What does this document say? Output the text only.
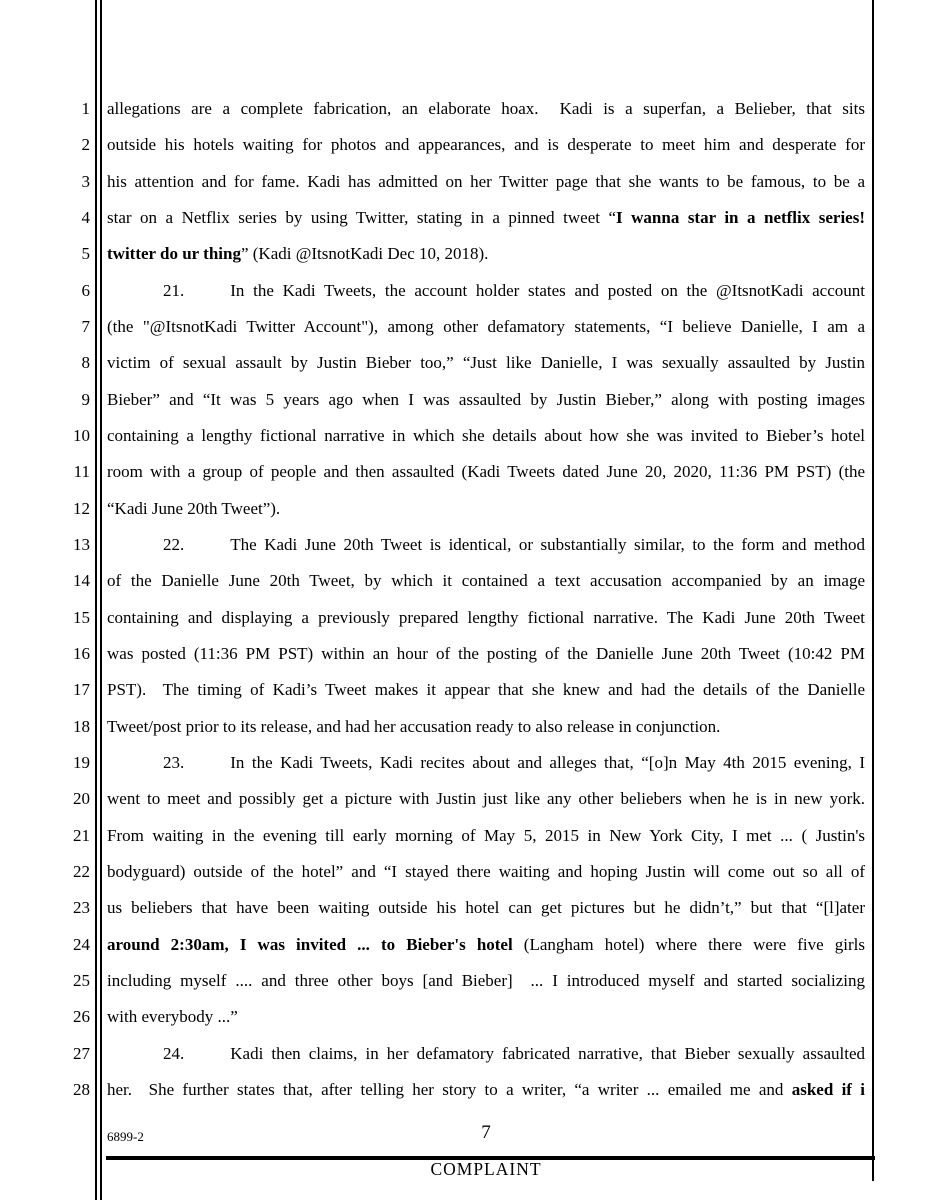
1 allegations are a complete fabrication, an elaborate hoax.  Kadi is a superfan, a Belieber, that sits
2 outside his hotels waiting for photos and appearances, and is desperate to meet him and desperate for
3 his attention and for fame. Kadi has admitted on her Twitter page that she wants to be famous, to be a
4 star on a Netflix series by using Twitter, stating in a pinned tweet “I wanna star in a netflix series!
5 twitter do ur thing” (Kadi @ItsnotKadi Dec 10, 2018).
6	21.	In the Kadi Tweets, the account holder states and posted on the @ItsnotKadi account
7 (the "@ItsnotKadi Twitter Account"), among other defamatory statements, “I believe Danielle, I am a
8 victim of sexual assault by Justin Bieber too,” “Just like Danielle, I was sexually assaulted by Justin
9 Bieber” and “It was 5 years ago when I was assaulted by Justin Bieber,” along with posting images
10 containing a lengthy fictional narrative in which she details about how she was invited to Bieber’s hotel
11 room with a group of people and then assaulted (Kadi Tweets dated June 20, 2020, 11:36 PM PST) (the
12 “Kadi June 20th Tweet”).
13	22.	The Kadi June 20th Tweet is identical, or substantially similar, to the form and method
14 of the Danielle June 20th Tweet, by which it contained a text accusation accompanied by an image
15 containing and displaying a previously prepared lengthy fictional narrative. The Kadi June 20th Tweet
16 was posted (11:36 PM PST) within an hour of the posting of the Danielle June 20th Tweet (10:42 PM
17 PST).  The timing of Kadi’s Tweet makes it appear that she knew and had the details of the Danielle
18 Tweet/post prior to its release, and had her accusation ready to also release in conjunction.
19	23.	In the Kadi Tweets, Kadi recites about and alleges that, “[o]n May 4th 2015 evening, I
20 went to meet and possibly get a picture with Justin just like any other beliebers when he is in new york.
21 From waiting in the evening till early morning of May 5, 2015 in New York City, I met ... ( Justin's
22 bodyguard) outside of the hotel” and “I stayed there waiting and hoping Justin will come out so all of
23 us beliebers that have been waiting outside his hotel can get pictures but he didn’t,” but that “[l]ater
24 around 2:30am, I was invited ... to Bieber's hotel (Langham hotel) where there were five girls
25 including myself .... and three other boys [and Bieber]  ... I introduced myself and started socializing
26 with everybody ...”
27	24.	Kadi then claims, in her defamatory fabricated narrative, that Bieber sexually assaulted
28 her.  She further states that, after telling her story to a writer, “a writer ... emailed me and asked if i
6899-2	7
COMPLAINT
